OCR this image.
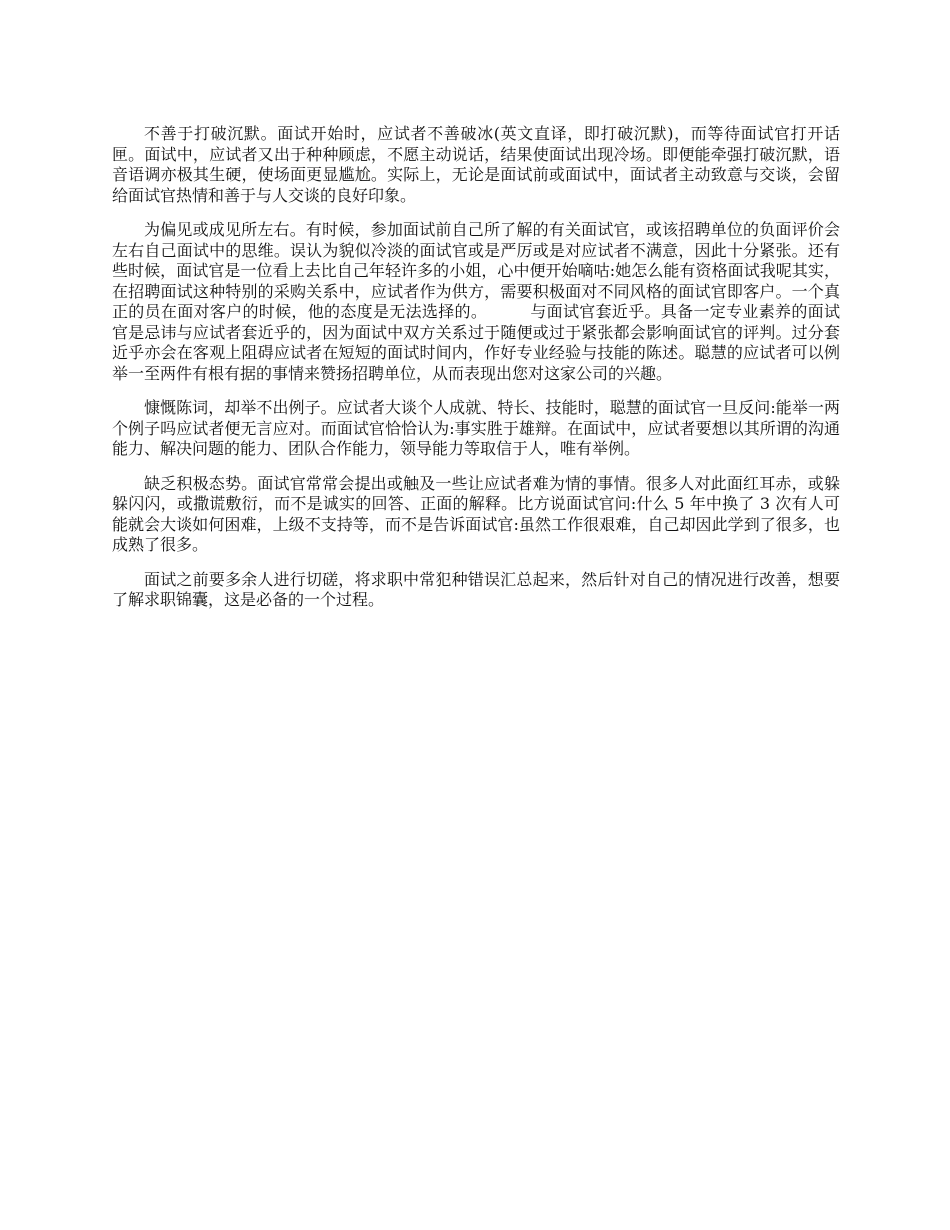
不善于打破沉默。面试开始时，应试者不善破冰(英文直译，即打破沉默)，而等待面试官打开话匣。面试中，应试者又出于种种顾虑，不愿主动说话，结果使面试出现冷场。即便能牵强打破沉默，语音语调亦极其生硬，使场面更显尴尬。实际上，无论是面试前或面试中，面试者主动致意与交谈，会留给面试官热情和善于与人交谈的良好印象。

为偏见或成见所左右。有时候，参加面试前自己所了解的有关面试官，或该招聘单位的负面评价会左右自己面试中的思维。误认为貌似冷淡的面试官或是严厉或是对应试者不满意，因此十分紧张。还有些时候，面试官是一位看上去比自己年轻许多的小姐，心中便开始嘀咕:她怎么能有资格面试我呢其实，在招聘面试这种特别的采购关系中，应试者作为供方，需要积极面对不同风格的面试官即客户。一个真正的员在面对客户的时候，他的态度是无法选择的。        与面试官套近乎。具备一定专业素养的面试官是忌讳与应试者套近乎的，因为面试中双方关系过于随便或过于紧张都会影响面试官的评判。过分套近乎亦会在客观上阻碍应试者在短短的面试时间内，作好专业经验与技能的陈述。聪慧的应试者可以例举一至两件有根有据的事情来赞扬招聘单位，从而表现出您对这家公司的兴趣。

慷慨陈词，却举不出例子。应试者大谈个人成就、特长、技能时，聪慧的面试官一旦反问:能举一两个例子吗应试者便无言应对。而面试官恰恰认为:事实胜于雄辩。在面试中，应试者要想以其所谓的沟通能力、解决问题的能力、团队合作能力，领导能力等取信于人，唯有举例。

缺乏积极态势。面试官常常会提出或触及一些让应试者难为情的事情。很多人对此面红耳赤，或躲躲闪闪，或撒谎敷衍，而不是诚实的回答、正面的解释。比方说面试官问:什么 5 年中换了 3 次有人可能就会大谈如何困难，上级不支持等，而不是告诉面试官:虽然工作很艰难，自己却因此学到了很多，也成熟了很多。

面试之前要多余人进行切磋，将求职中常犯种错误汇总起来，然后针对自己的情况进行改善，想要了解求职锦囊，这是必备的一个过程。
